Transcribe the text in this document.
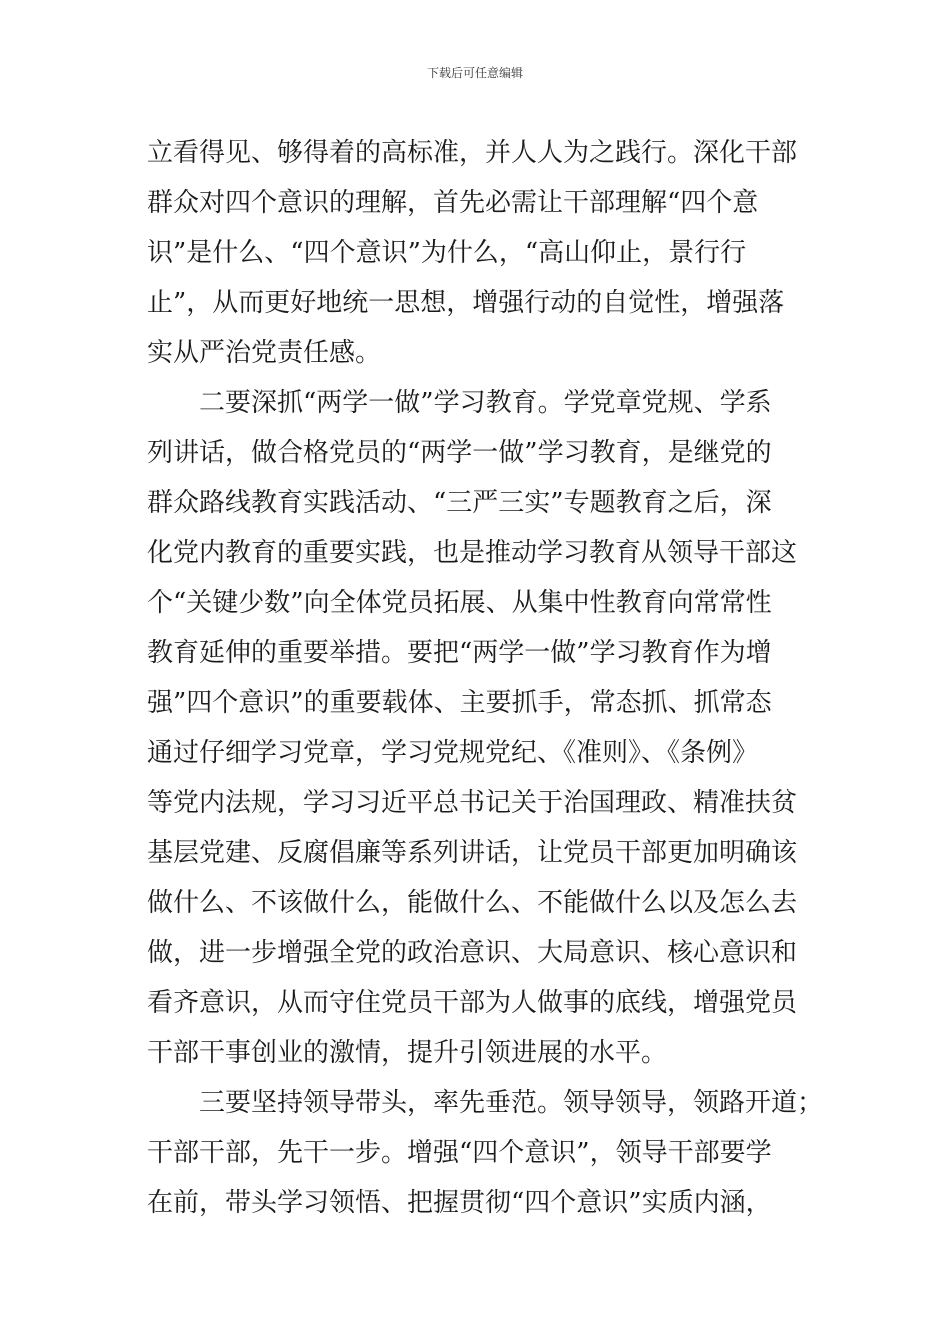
下载后可任意编辑
立看得见、够得着的高标准，并人人为之践行。深化干部
群众对四个意识的理解，首先必需让干部理解“四个意
识”是什么、“四个意识”为什么，“高山仰止，景行行
止”，从而更好地统一思想，增强行动的自觉性，增强落
实从严治党责任感。
二要深抓“两学一做”学习教育。学党章党规、学系
列讲话，做合格党员的“两学一做”学习教育，是继党的
群众路线教育实践活动、“三严三实”专题教育之后，深
化党内教育的重要实践，也是推动学习教育从领导干部这
个“关键少数”向全体党员拓展、从集中性教育向常常性
教育延伸的重要举措。要把“两学一做”学习教育作为增
强”四个意识”的重要载体、主要抓手，常态抓、抓常态
通过仔细学习党章，学习党规党纪、《准则》、《条例》
等党内法规，学习习近平总书记关于治国理政、精准扶贫
基层党建、反腐倡廉等系列讲话，让党员干部更加明确该
做什么、不该做什么，能做什么、不能做什么以及怎么去
做，进一步增强全党的政治意识、大局意识、核心意识和
看齐意识，从而守住党员干部为人做事的底线，增强党员
干部干事创业的激情，提升引领进展的水平。
三要坚持领导带头，率先垂范。领导领导，领路开道；
干部干部，先干一步。增强“四个意识”，领导干部要学
在前，带头学习领悟、把握贯彻“四个意识”实质内涵，
